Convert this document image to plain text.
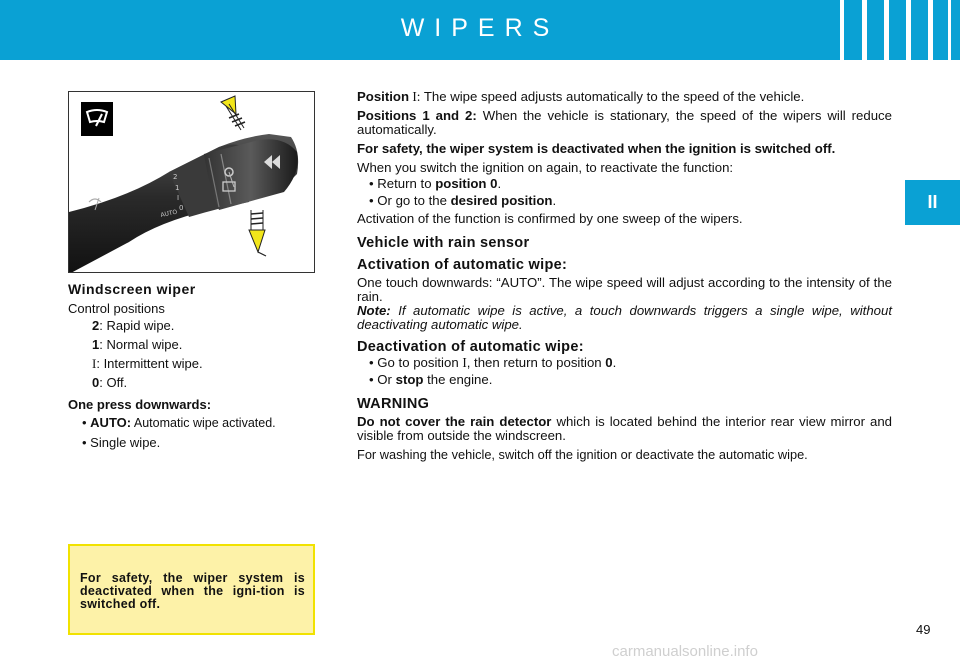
WIPERS
II
2
1
I
0
AUTO
Windscreen wiper
Control positions
2: Rapid wipe.
1: Normal wipe.
I: Intermittent wipe.
0: Off.
One press downwards:
• AUTO: Automatic wipe activated.
• Single wipe.
For safety, the wiper system is deactivated when the igni-tion is switched off.

Position I: The wipe speed adjusts automatically to the speed of the vehicle.

Positions 1 and 2: When the vehicle is stationary, the speed of the wipers will reduce automatically.

For safety, the wiper system is deactivated when the ignition is switched off.

When you switch the ignition on again, to reactivate the function:

• Return to position 0.
• Or go to the desired position.

Activation of the function is confirmed by one sweep of the wipers.

Vehicle with rain sensor
Activation of automatic wipe:

One touch downwards: “AUTO”. The wipe speed will adjust according to the intensity of the rain.

Note: If automatic wipe is active, a touch downwards triggers a single wipe, without deactivating automatic wipe.

Deactivation of automatic wipe:
• Go to position I, then return to position 0.
• Or stop the engine.
WARNING

Do not cover the rain detector which is located behind the interior rear view mirror and visible from outside the windscreen.

For washing the vehicle, switch off the ignition or deactivate the automatic wipe.

49
carmanualsonline.info
